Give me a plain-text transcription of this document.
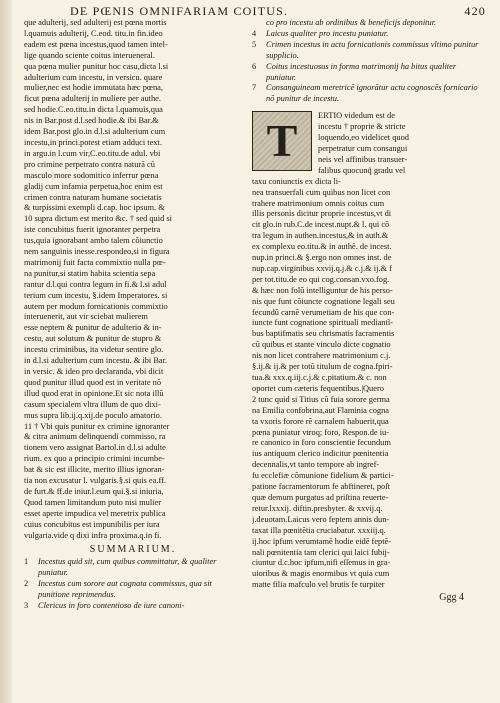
DE PŒNIS OMNIFARIAM COITUS.	420
que adulterij, sed adulterij est pœna mortis
l.quamuis adulterij, C.eod. titu.in fin.ideo
eadem est pœna incestus,quod tamen intel-
lige quando sciente coitus interueneral.
qua pœna mulier punitur hoc casu,dicta l.si
adulterium cum incestu, in versicu. quare
mulier,nec est hodie immutata hæc pœna,
ficut pœna adulterij in muliere per authe.
sed hodie.C.eo.titu.in dicta l.quamuis,qua
nis in Bar.post d.l.sed hodie.& ibi Bar.&
idem Bar.post glo.in d.l.si adulterium cum
incestu,in princi.potest etiam adduci text.
in argu.in l.cum vir,C.eo.titu.de adul. vbi
pro crimine perpetrato contra naturã cũ
masculo more sodomitico inferrur pœna
gladij cum infamia perpetua,hoc enim est
crimen contra naturam humane societatis
& turpissimi exempli d.cap. hoc ipsum. &
10 supra dictum est merito &c. † sed quid si
iste concubitus fuerit ignoranter perpetra
tus,quia ignorabant ambo talem cõiunctio
nem sanguinis inesse.respondeo,si in figura
matrimonij fuit facta commixtio nulla pœ-
na punitur,si statim habita scientia sepa
rantur d.l.qui contra legum in fi.& l.si adul
terium cum incestu, §.idem Imperatores. si
autem per modum fornicationis commixtio
interuenerit, aut vir sciebat mulierem
esse neptem & punitur de adulterio & in-
cestu, aut solutum & punitur de stupro &
incestu criminibus, ita videtur sentire glo.
in d.l.si adulterium cum incestu. & ibi Bar.
in versic. & ideo pro declaranda, vbi dicit
quod punitur illud quod est in veritate nõ
illud quod erat in opinione.Et sic nota illũ
casum specialem vltra illum de quo dixi-
mus supra lib.ij.q.xij.de poculo amatorio.
11 † Vbi quis punitur ex crimine ignoranter
& citra animum delinquendi commisso, ra
tionem vero assignat Bartol.in d.l.si adulte
rium. ex quo a principio crimini incumbe-
bat & sic est illicite, merito illius ignoran-
tia non excusatur l. vulgaris.§.si quis ea.ff.
de furt.& ff.de iniur.l.eum qui.§.si iniuria,
Quod tamen limitandum puto nisi mulier
esset aperte impudica vel meretrix publica
cuius concubitus est impunibilis per iura
vulgaria.vide q dixi infra proxima.q.in fi.
SUMMARIUM.
1 Incestus quid sit, cum quibus committatur, & qualiter puniatur.
2 Incestus cum sorore aut cognata commissus, qua sit punitione reprimendus.
3 Clericus in foro contentioso de iure canoni-
co pro incestu ab ordinibus & beneficijs deponitur.
4 Laicus qualiter pro incestu puniatur.
5 Crimen incestus in actu fornicationis commissus vltimo punitur supplicio.
6 Coitus incestuosus in forma matrimonij ha bitus qualiter puniatur.
7 Consanguineam meretricẽ ignorãtur actu cognoscẽs fornicario nõ punitur de incestu.
T	ERTIO videdum est de
incestu † proprie & stricte
loquendo,eo videlicet quod
perpetratur cum consangui
neis vel affinibus transuer-
falibus quocunq̃ gradu vel
taxu coniunctis ex dicta li-
nea transuerfali cum quibus non licet con
trahere matrimonium omnis coitus cum
illis personis dicitur proprie incestus,vt di
cit glo.in rub.C.de incest.nupt.& l. qui cõ
tra legum in authen.incestus,& in auth.&
ex complexu eo.titu.& in authẽ. de incest.
nup.in princi.& §.ergo non omnes inst. de
nup.cap.virginibus xxvij.q.j.& c.j.& ij.& f
per tot.titu.de eo qui cog.consan.vxo.fog.
& hæc non folũ intelliguntur de his perso-
nis que funt cõiuncte cognatione legali seu
fecundũ carnẽ verumetiam de his que con-
iuncte funt cognatione spirituali mediantĩ-
bus baptifmatis seu chrismatis facramentis
cũ quibus et stante vinculo dicte cognatio
nis non licet contrahere matrimonium c.j.
§.ij.& ij.& per totũ titulum de cogna.fpiri-
tua.& xxx.q.iij.c.j.& c.pitatium.& c. non
oportet cum cæteris fequentibus.|Quero
2 tunc quid si Titius cũ fuia sorore germa
na Emilia confobrina,aut Flaminia cogna
ta vxoris forore rẽ carnalem habuerit,qua
pœna puniatur vtroq; foro, Respon.de iu-
re canonico in foro conscientie fecundum
ius antiquum clerico indicitur pœnitentia
decennalis,vt tanto tempore ab ingref-
fu ecclefiæ cõmunione fidelium & partici-
patione facramentorum fe abftineret, poſt
quæ demum purgatus ad priſtina reuerte-
retur.lxxxij. diftin.presbyter. & xxvij.q.
j.deuotam.Laicus vero feptem annis dun-
taxat illa pœnitẽtia cruciabatur. xxxiij.q.
ij.hoc ipfum verumtamẽ hodie eidẽ feptẽ-
nali pœnitentia tam clerici qui laici fubij-
ciuntur d.c.hoc ipfum,nifi eſſemus in gra-
uioribus & magis enormibus vt quia cum
matte filia mafculo vel brutis fe turpiter
Ggg 4
